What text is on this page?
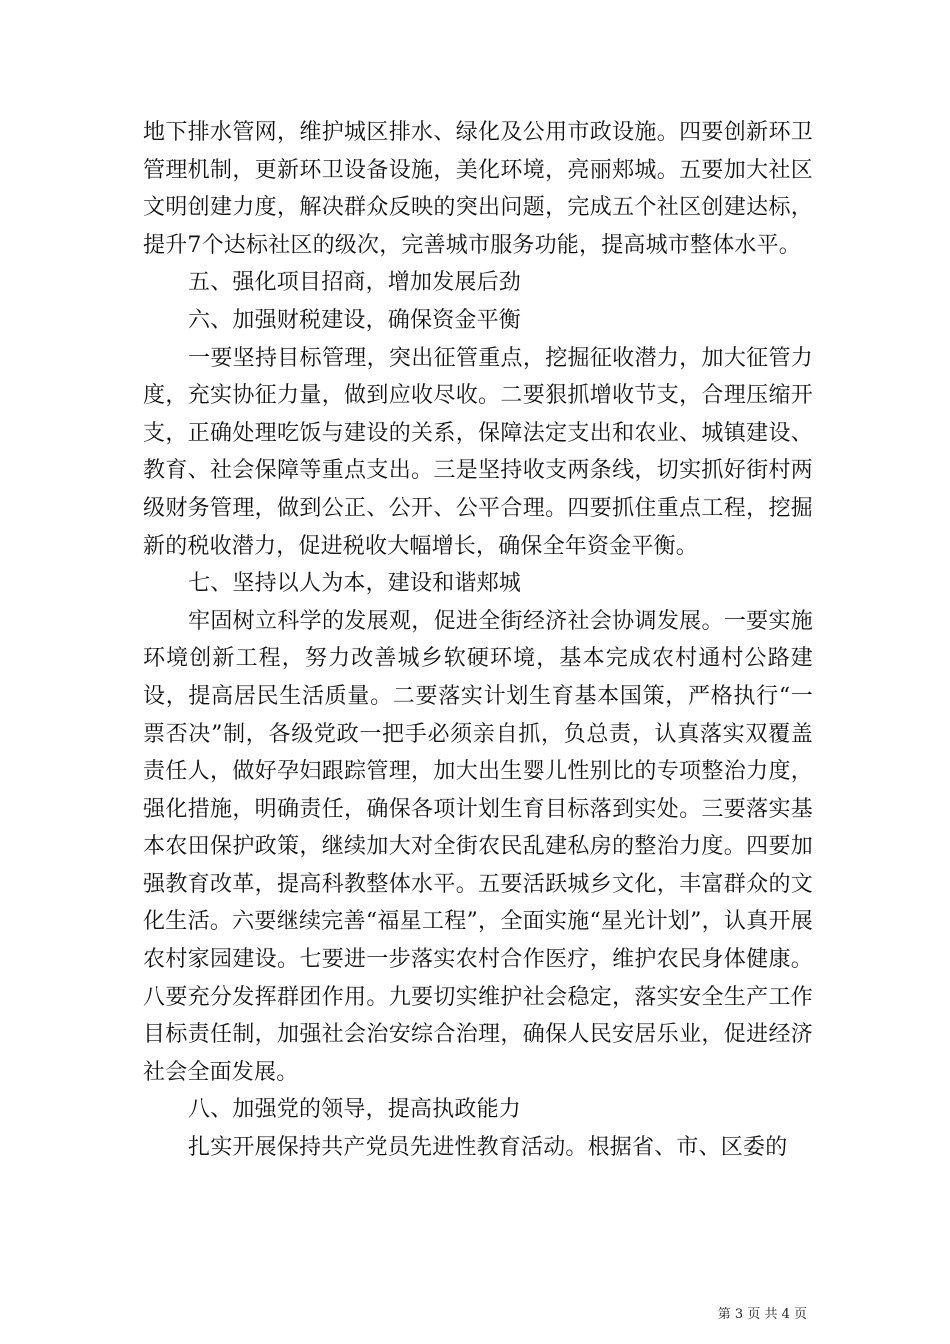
地下排水管网，维护城区排水、绿化及公用市政设施。四要创新环卫管理机制，更新环卫设备设施，美化环境，亮丽郏城。五要加大社区文明创建力度，解决群众反映的突出问题，完成五个社区创建达标，提升7个达标社区的级次，完善城市服务功能，提高城市整体水平。

五、强化项目招商，增加发展后劲

六、加强财税建设，确保资金平衡

一要坚持目标管理，突出征管重点，挖掘征收潜力，加大征管力度，充实协征力量，做到应收尽收。二要狠抓增收节支，合理压缩开支，正确处理吃饭与建设的关系，保障法定支出和农业、城镇建设、教育、社会保障等重点支出。三是坚持收支两条线，切实抓好街村两级财务管理，做到公正、公开、公平合理。四要抓住重点工程，挖掘新的税收潜力，促进税收大幅增长，确保全年资金平衡。

七、坚持以人为本，建设和谐郏城

牢固树立科学的发展观，促进全街经济社会协调发展。一要实施环境创新工程，努力改善城乡软硬环境，基本完成农村通村公路建设，提高居民生活质量。二要落实计划生育基本国策，严格执行“一票否决”制，各级党政一把手必须亲自抓，负总责，认真落实双覆盖责任人，做好孕妇跟踪管理，加大出生婴儿性别比的专项整治力度，强化措施，明确责任，确保各项计划生育目标落到实处。三要落实基本农田保护政策，继续加大对全街农民乱建私房的整治力度。四要加强教育改革，提高科教整体水平。五要活跃城乡文化，丰富群众的文化生活。六要继续完善“福星工程”，全面实施“星光计划”，认真开展农村家园建设。七要进一步落实农村合作医疗，维护农民身体健康。八要充分发挥群团作用。九要切实维护社会稳定，落实安全生产工作目标责任制，加强社会治安综合治理，确保人民安居乐业，促进经济社会全面发展。

八、加强党的领导，提高执政能力

扎实开展保持共产党员先进性教育活动。根据省、市、区委的

第 3 页 共 4 页
